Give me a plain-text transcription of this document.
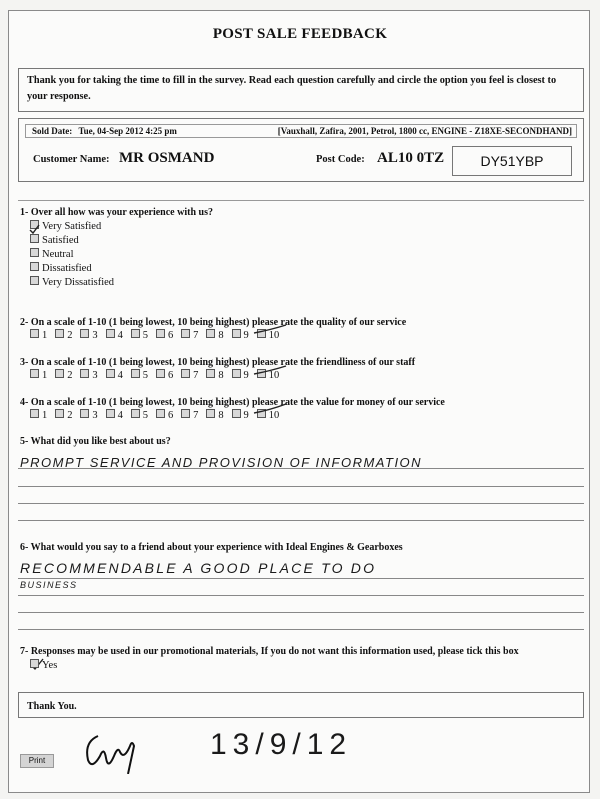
POST SALE FEEDBACK
Thank you for taking the time to fill in the survey. Read each question carefully and circle the option you feel is closest to your response.
Sold Date: Tue, 04-Sep 2012 4:25 pm	[Vauxhall, Zafira, 2001, Petrol, 1800 cc, ENGINE - Z18XE-SECONDHAND]
Customer Name: MR OSMAND	Post Code: AL10 0TZ	DY51YBP
1- Over all how was your experience with us?
Very Satisfied
Satisfied
Neutral
Dissatisfied
Very Dissatisfied
2- On a scale of 1-10 (1 being lowest, 10 being highest) please rate the quality of our service
1 2 3 4 5 6 7 8 9 10
3- On a scale of 1-10 (1 being lowest, 10 being highest) please rate the friendliness of our staff
1 2 3 4 5 6 7 8 9 10
4- On a scale of 1-10 (1 being lowest, 10 being highest) please rate the value for money of our service
1 2 3 4 5 6 7 8 9 10
5- What did you like best about us?
PROMPT SERVICE AND PROVISION OF INFORMATION
6- What would you say to a friend about your experience with Ideal Engines & Gearboxes
RECOMMENDABLE A GOOD PLACE TO DO
BUSINESS
7- Responses may be used in our promotional materials, If you do not want this information used, please tick this box
Yes
Thank You.
13/9/12
Print
